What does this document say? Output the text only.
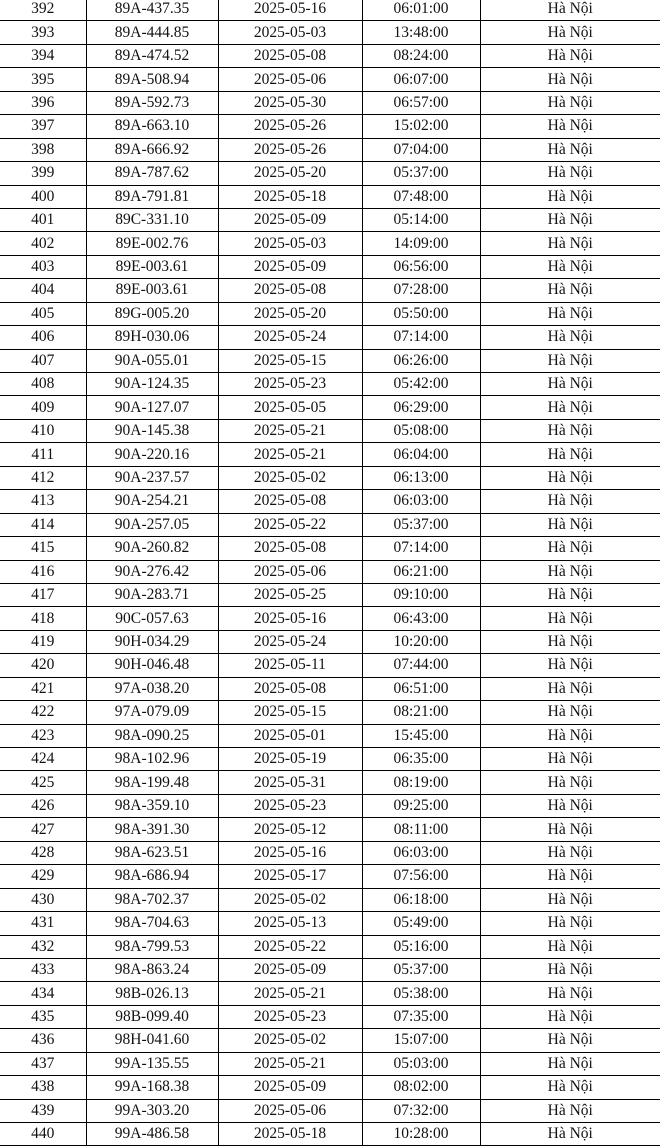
392	89A-437.35	2025-05-16	06:01:00	Hà Nội
393	89A-444.85	2025-05-03	13:48:00	Hà Nội
394	89A-474.52	2025-05-08	08:24:00	Hà Nội
395	89A-508.94	2025-05-06	06:07:00	Hà Nội
396	89A-592.73	2025-05-30	06:57:00	Hà Nội
397	89A-663.10	2025-05-26	15:02:00	Hà Nội
398	89A-666.92	2025-05-26	07:04:00	Hà Nội
399	89A-787.62	2025-05-20	05:37:00	Hà Nội
400	89A-791.81	2025-05-18	07:48:00	Hà Nội
401	89C-331.10	2025-05-09	05:14:00	Hà Nội
402	89E-002.76	2025-05-03	14:09:00	Hà Nội
403	89E-003.61	2025-05-09	06:56:00	Hà Nội
404	89E-003.61	2025-05-08	07:28:00	Hà Nội
405	89G-005.20	2025-05-20	05:50:00	Hà Nội
406	89H-030.06	2025-05-24	07:14:00	Hà Nội
407	90A-055.01	2025-05-15	06:26:00	Hà Nội
408	90A-124.35	2025-05-23	05:42:00	Hà Nội
409	90A-127.07	2025-05-05	06:29:00	Hà Nội
410	90A-145.38	2025-05-21	05:08:00	Hà Nội
411	90A-220.16	2025-05-21	06:04:00	Hà Nội
412	90A-237.57	2025-05-02	06:13:00	Hà Nội
413	90A-254.21	2025-05-08	06:03:00	Hà Nội
414	90A-257.05	2025-05-22	05:37:00	Hà Nội
415	90A-260.82	2025-05-08	07:14:00	Hà Nội
416	90A-276.42	2025-05-06	06:21:00	Hà Nội
417	90A-283.71	2025-05-25	09:10:00	Hà Nội
418	90C-057.63	2025-05-16	06:43:00	Hà Nội
419	90H-034.29	2025-05-24	10:20:00	Hà Nội
420	90H-046.48	2025-05-11	07:44:00	Hà Nội
421	97A-038.20	2025-05-08	06:51:00	Hà Nội
422	97A-079.09	2025-05-15	08:21:00	Hà Nội
423	98A-090.25	2025-05-01	15:45:00	Hà Nội
424	98A-102.96	2025-05-19	06:35:00	Hà Nội
425	98A-199.48	2025-05-31	08:19:00	Hà Nội
426	98A-359.10	2025-05-23	09:25:00	Hà Nội
427	98A-391.30	2025-05-12	08:11:00	Hà Nội
428	98A-623.51	2025-05-16	06:03:00	Hà Nội
429	98A-686.94	2025-05-17	07:56:00	Hà Nội
430	98A-702.37	2025-05-02	06:18:00	Hà Nội
431	98A-704.63	2025-05-13	05:49:00	Hà Nội
432	98A-799.53	2025-05-22	05:16:00	Hà Nội
433	98A-863.24	2025-05-09	05:37:00	Hà Nội
434	98B-026.13	2025-05-21	05:38:00	Hà Nội
435	98B-099.40	2025-05-23	07:35:00	Hà Nội
436	98H-041.60	2025-05-02	15:07:00	Hà Nội
437	99A-135.55	2025-05-21	05:03:00	Hà Nội
438	99A-168.38	2025-05-09	08:02:00	Hà Nội
439	99A-303.20	2025-05-06	07:32:00	Hà Nội
440	99A-486.58	2025-05-18	10:28:00	Hà Nội
